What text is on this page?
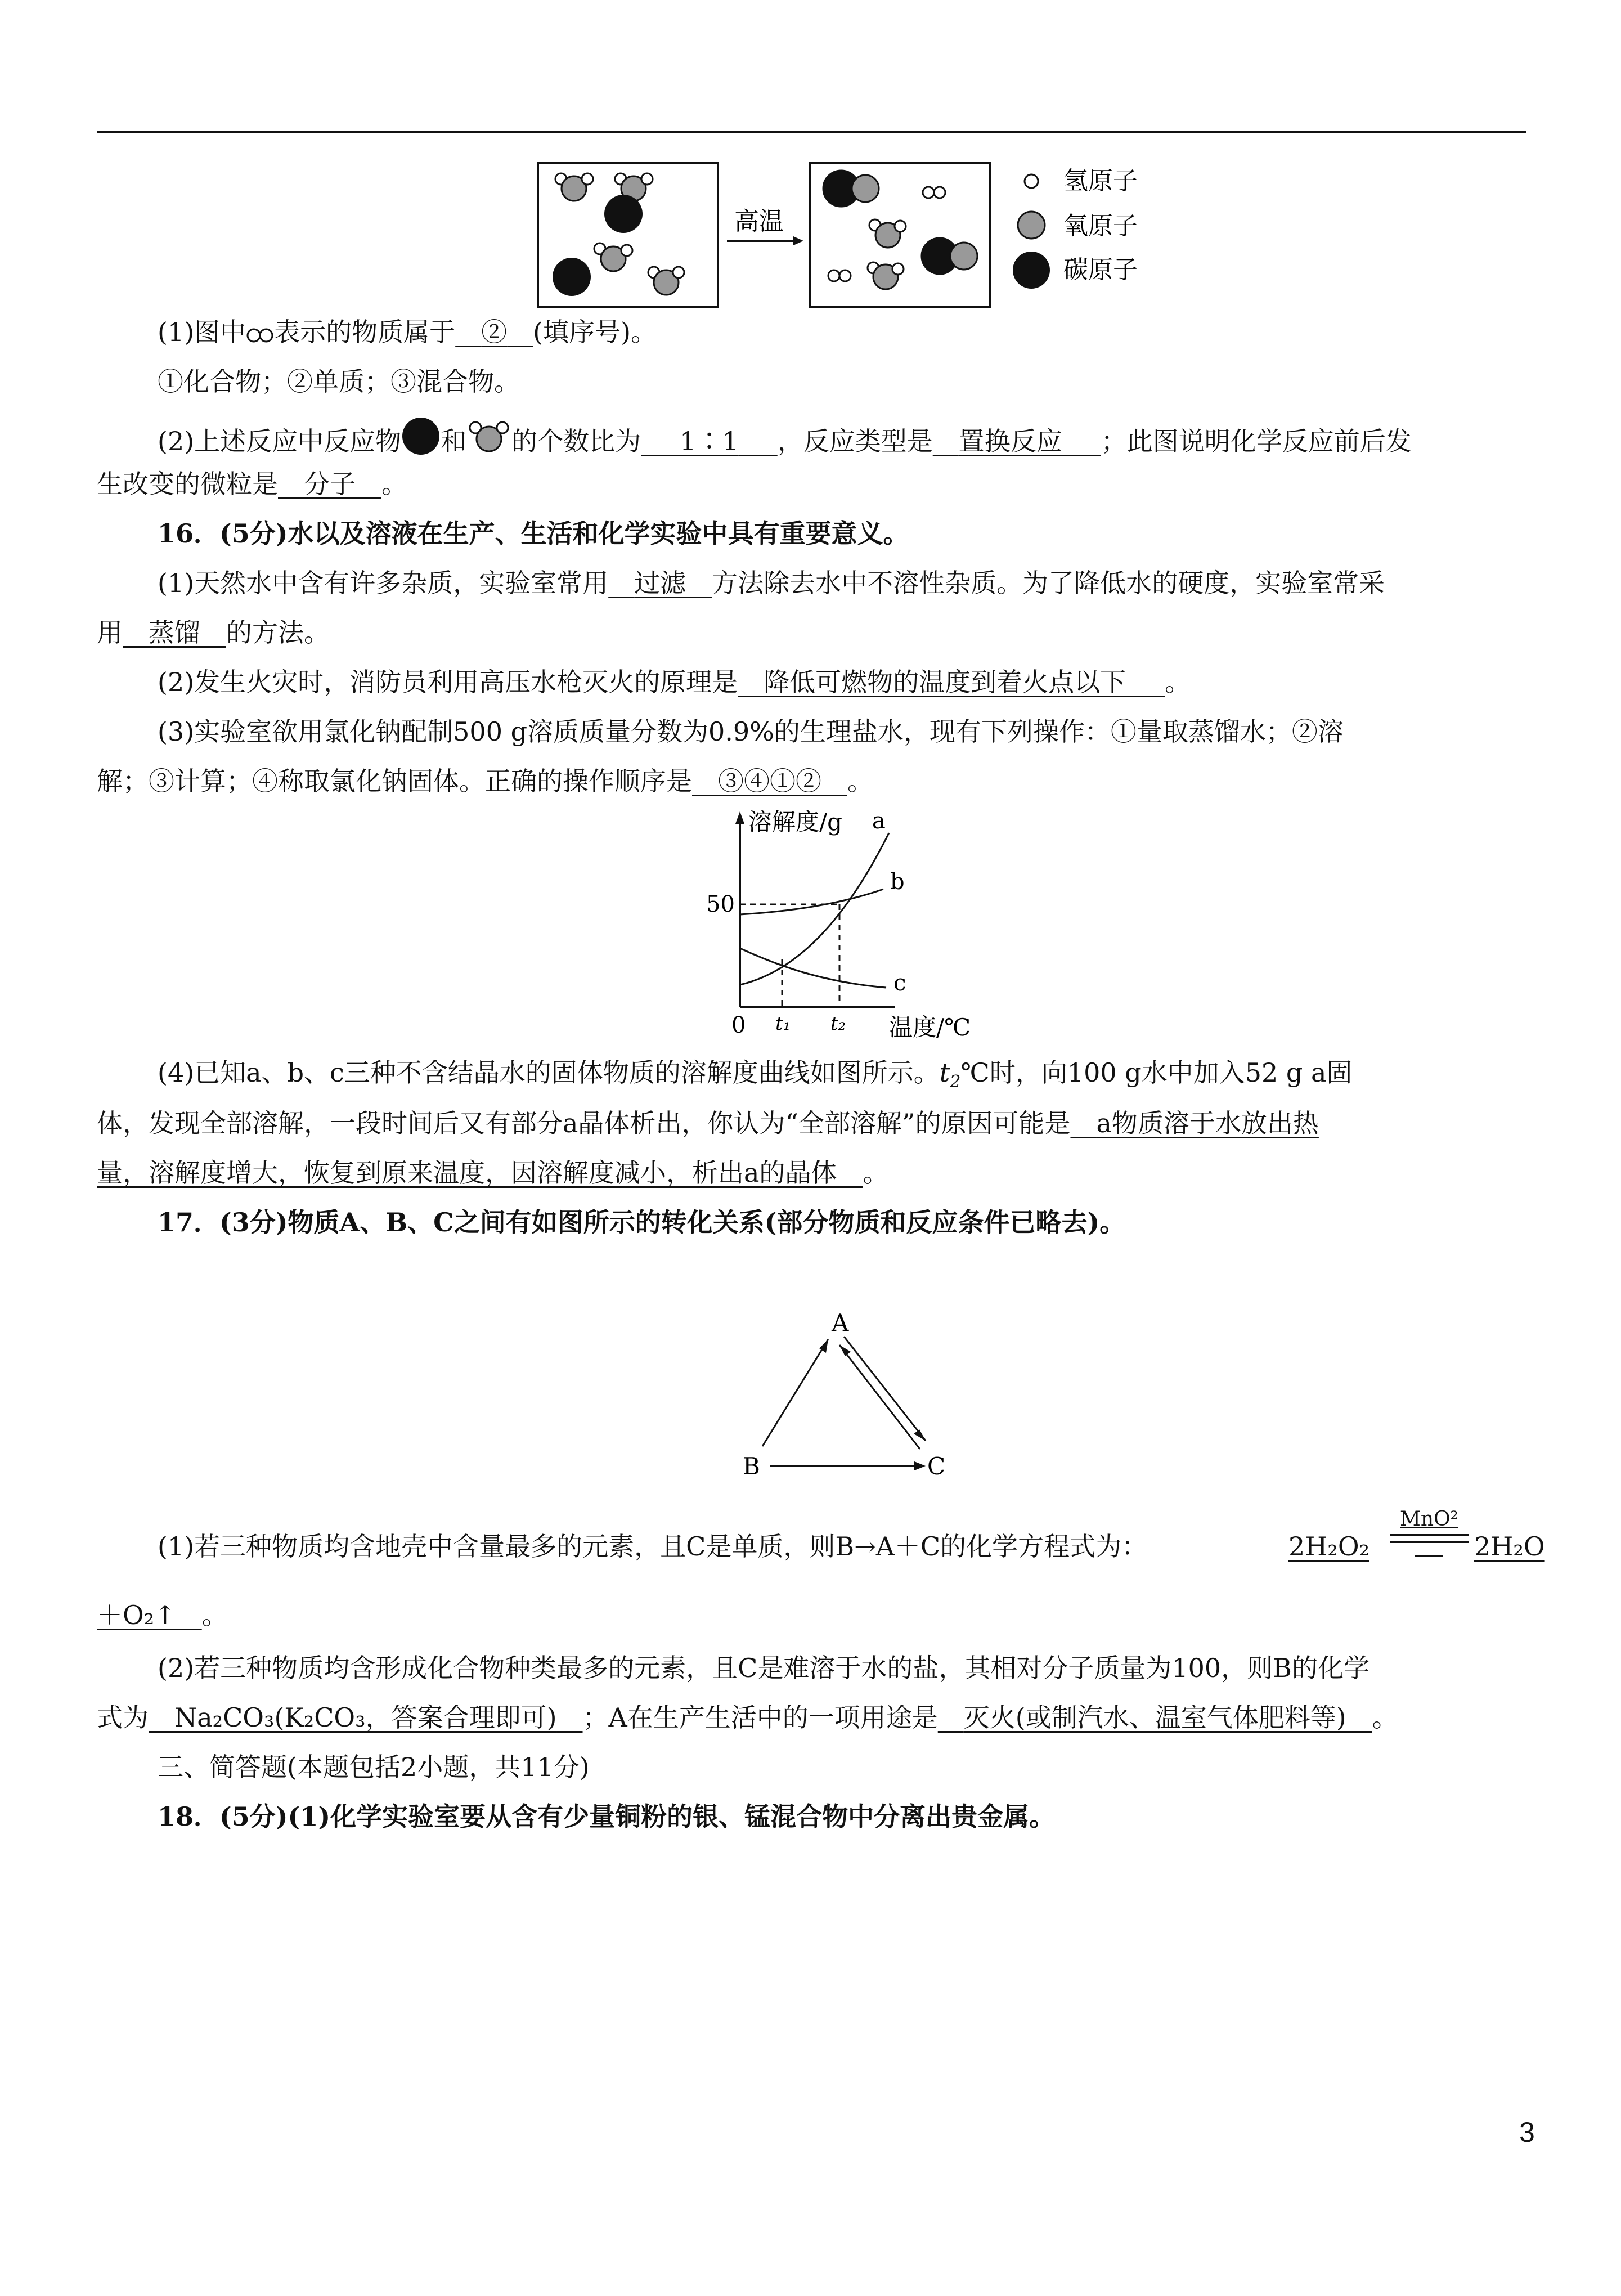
高温
氢原子
氧原子
碳原子
(1)图中 表示的物质属于  ②  (填序号)。
①化合物；②单质；③混合物。
(2)上述反应中反应物 和 的个数比为   1∶1   ，反应类型是  置换反应   ；此图说明化学反应前后发
生改变的微粒是  分子  。
16．(5分)水以及溶液在生产、生活和化学实验中具有重要意义。
(1)天然水中含有许多杂质，实验室常用  过滤  方法除去水中不溶性杂质。为了降低水的硬度，实验室常采
用  蒸馏  的方法。
(2)发生火灾时，消防员利用高压水枪灭火的原理是  降低可燃物的温度到着火点以下   。
(3)实验室欲用氯化钠配制500 g溶质质量分数为0.9%的生理盐水，现有下列操作：①量取蒸馏水；②溶
解；③计算；④称取氯化钠固体。正确的操作顺序是  ③④①②  。
溶解度/g
温度/℃
0
50
t₁ t₂
a
b
c
(4)已知a、b、c三种不含结晶水的固体物质的溶解度曲线如图所示。$t_2℃$时，向100 g水中加入52 g a固
体，发现全部溶解，一段时间后又有部分a晶体析出，你认为“全部溶解”的原因可能是  a物质溶于水放出热
量，溶解度增大，恢复到原来温度，因溶解度减小，析出a的晶体  。
17．(3分)物质A、B、C之间有如图所示的转化关系(部分物质和反应条件已略去)。
A
B	C
(1)若三种物质均含地壳中含量最多的元素，且C是单质，则B→A＋C的化学方程式为：	2H₂O₂
MnO²
2H₂O
＋O₂↑  。
(2)若三种物质均含形成化合物种类最多的元素，且C是难溶于水的盐，其相对分子质量为100，则B的化学
式为  Na₂CO₃(K₂CO₃，答案合理即可)  ；A在生产生活中的一项用途是  灭火(或制汽水、温室气体肥料等)  。
三、简答题(本题包括2小题，共11分)
18．(5分)(1)化学实验室要从含有少量铜粉的银、锰混合物中分离出贵金属。
3
